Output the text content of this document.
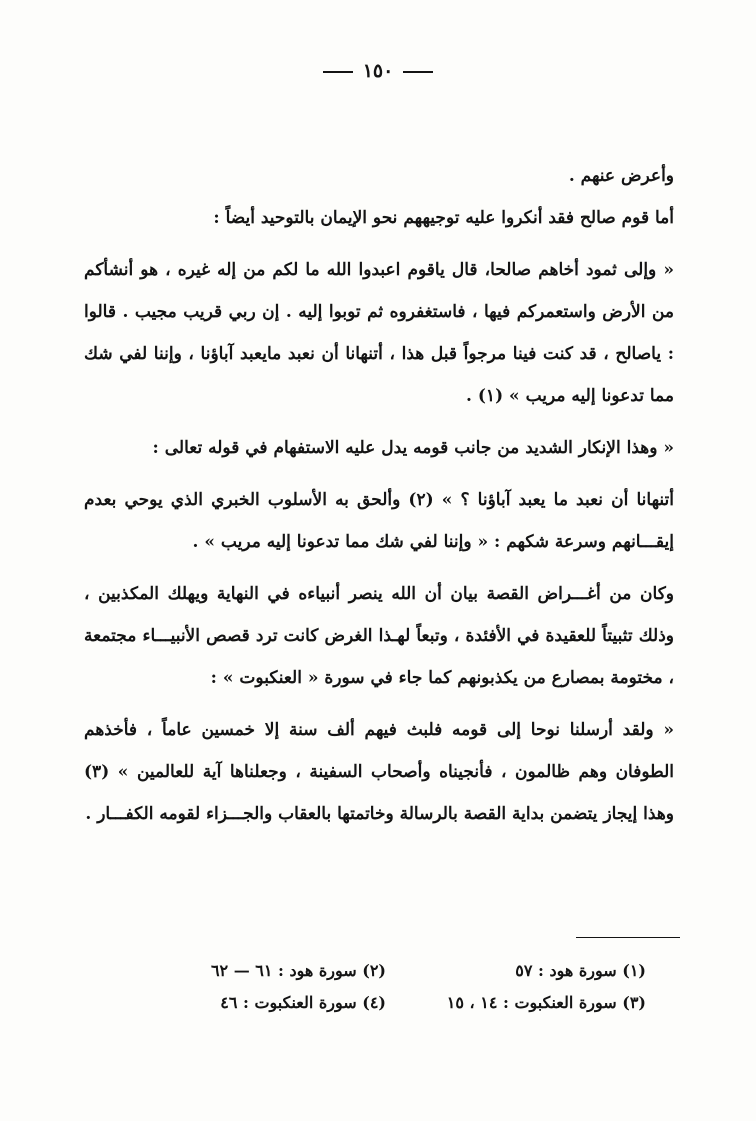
١٥٠

وأعرض عنهم .

أما قوم صالح فقد أنكروا عليه توجيههم نحو الإيمان بالتوحيد أيضاً :

« وإلى ثمود أخاهم صالحا، قال ياقوم اعبدوا الله ما لكم من إله غيره ، هو أنشأكم من الأرض واستعمركم فيها ، فاستغفروه ثم توبوا إليه . إن ربي قريب مجيب . قالوا : ياصالح ، قد كنت فينا مرجواً قبل هذا ، أتنهانا أن نعبد مايعبد آباؤنا ، وإننا لفي شك مما تدعونا إليه مريب » (١) .

« وهذا الإنكار الشديد من جانب قومه يدل عليه الاستفهام في قوله تعالى :

أتنهانا أن نعبد ما يعبد آباؤنا ؟ » (٢) وألحق به الأسلوب الخبري الذي يوحي بعدم إيقـــانهم وسرعة شكهم : « وإننا لفي شك مما تدعونا إليه مريب » .

وكان من أغـــراض القصة بيان أن الله ينصر أنبياءه في النهاية ويهلك المكذبين ، وذلك تثبيتاً للعقيدة في الأفئدة ، وتبعاً لهـذا الغرض كانت ترد قصص الأنبيـــاء مجتمعة ، مختومة بمصارع من يكذبونهم كما جاء في سورة « العنكبوت » :

« ولقد أرسلنا نوحا إلى قومه فلبث فيهم ألف سنة إلا خمسين عاماً ، فأخذهم الطوفان وهم ظالمون ، فأنجيناه وأصحاب السفينة ، وجعلناها آية للعالمين » (٣) وهذا إيجاز يتضمن بداية القصة بالرسالة وخاتمتها بالعقاب والجـــزاء لقومه الكفـــار .

(١) سورة هود : ٥٧
(٢) سورة هود : ٦١ — ٦٢
(٣) سورة العنكبوت : ١٤ ، ١٥
(٤) سورة العنكبوت : ٤٦
